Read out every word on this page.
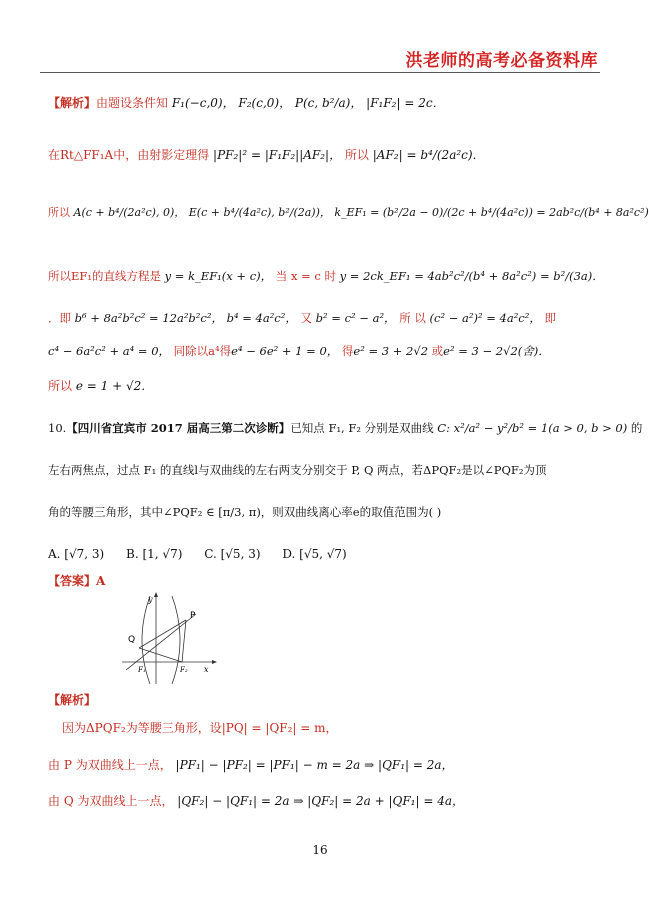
洪老师的高考必备资料库
【解析】由题设条件知 F₁(−c,0)， F₂(c,0)， P(c, b²/a)， |F₁F₂| = 2c．
在Rt△FF₁A中，由射影定理得 |PF₂|² = |F₁F₂||AF₂|， 所以 |AF₂| = b⁴/(2a²c)．
所以 A(c + b⁴/(2a²c), 0)， E(c + b⁴/(4a²c), b²/(2a))， k_EF₁ = (b²/2a − 0)/(2c + b⁴/(4a²c)) = 2ab²c/(b⁴ + 8a²c²)
所以EF₁的直线方程是 y = k_EF₁(x + c)， 当 x = c 时 y = 2ck_EF₁ = 4ab²c²/(b⁴ + 8a²c²) = b²/(3a)．
．即 b⁶ + 8a²b²c² = 12a²b²c²， b⁴ = 4a²c²， 又 b² = c² − a²， 所 以 (c² − a²)² = 4a²c²， 即
c⁴ − 6a²c² + a⁴ = 0， 同除以a⁴得e⁴ − 6e² + 1 = 0， 得e² = 3 + 2√2 或e² = 3 − 2√2(舍)．
所以 e = 1 + √2．
10.【四川省宜宾市 2017 届高三第二次诊断】已知点 F₁, F₂ 分别是双曲线 C: x²/a² − y²/b² = 1(a > 0, b > 0) 的
左右两焦点，过点 F₁ 的直线l与双曲线的左右两支分别交于 P, Q 两点，若ΔPQF₂是以∠PQF₂为顶
角的等腰三角形，其中∠PQF₂ ∈ [π/3, π)，则双曲线离心率e的取值范围为( )
A. [√7, 3) B. [1, √7) C. [√5, 3) D. [√5, √7)
【答案】A
y
x
P
Q
F₁	F₂
【解析】
因为ΔPQF₂为等腰三角形，设|PQ| = |QF₂| = m，
由 P 为双曲线上一点， |PF₁| − |PF₂| = |PF₁| − m = 2a ⇒ |QF₁| = 2a，
由 Q 为双曲线上一点， |QF₂| − |QF₁| = 2a ⇒ |QF₂| = 2a + |QF₁| = 4a，
16
